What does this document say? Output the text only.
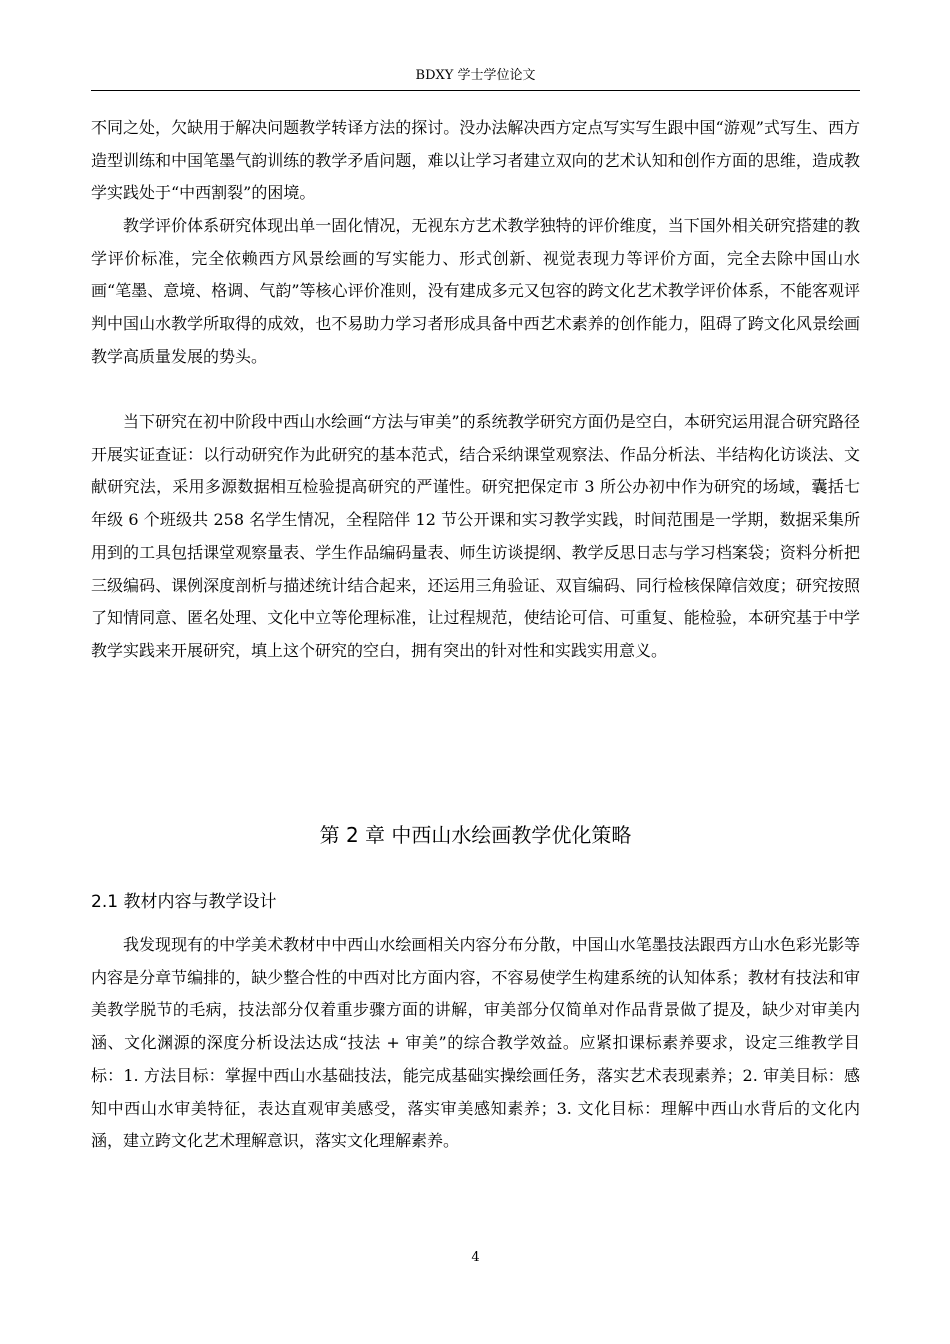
BDXY 学士学位论文

不同之处，欠缺用于解决问题教学转译方法的探讨。没办法解决西方定点写实写生跟中国“游观”式写生、西方造型训练和中国笔墨气韵训练的教学矛盾问题，难以让学习者建立双向的艺术认知和创作方面的思维，造成教学实践处于“中西割裂”的困境。

教学评价体系研究体现出单一固化情况，无视东方艺术教学独特的评价维度，当下国外相关研究搭建的教学评价标准，完全依赖西方风景绘画的写实能力、形式创新、视觉表现力等评价方面，完全去除中国山水画“笔墨、意境、格调、气韵”等核心评价准则，没有建成多元又包容的跨文化艺术教学评价体系，不能客观评判中国山水教学所取得的成效，也不易助力学习者形成具备中西艺术素养的创作能力，阻碍了跨文化风景绘画教学高质量发展的势头。

当下研究在初中阶段中西山水绘画“方法与审美”的系统教学研究方面仍是空白，本研究运用混合研究路径开展实证查证：以行动研究作为此研究的基本范式，结合采纳课堂观察法、作品分析法、半结构化访谈法、文献研究法，采用多源数据相互检验提高研究的严谨性。研究把保定市 3 所公办初中作为研究的场域，囊括七年级 6 个班级共 258 名学生情况，全程陪伴 12 节公开课和实习教学实践，时间范围是一学期，数据采集所用到的工具包括课堂观察量表、学生作品编码量表、师生访谈提纲、教学反思日志与学习档案袋；资料分析把三级编码、课例深度剖析与描述统计结合起来，还运用三角验证、双盲编码、同行检核保障信效度；研究按照了知情同意、匿名处理、文化中立等伦理标准，让过程规范，使结论可信、可重复、能检验，本研究基于中学教学实践来开展研究，填上这个研究的空白，拥有突出的针对性和实践实用意义。

第 2 章 中西山水绘画教学优化策略
2.1 教材内容与教学设计

我发现现有的中学美术教材中中西山水绘画相关内容分布分散，中国山水笔墨技法跟西方山水色彩光影等内容是分章节编排的，缺少整合性的中西对比方面内容，不容易使学生构建系统的认知体系；教材有技法和审美教学脱节的毛病，技法部分仅着重步骤方面的讲解，审美部分仅简单对作品背景做了提及，缺少对审美内涵、文化渊源的深度分析设法达成“技法 + 审美”的综合教学效益。应紧扣课标素养要求，设定三维教学目标：1. 方法目标：掌握中西山水基础技法，能完成基础实操绘画任务，落实艺术表现素养；2. 审美目标：感知中西山水审美特征，表达直观审美感受，落实审美感知素养；3. 文化目标：理解中西山水背后的文化内涵，建立跨文化艺术理解意识，落实文化理解素养。

4
